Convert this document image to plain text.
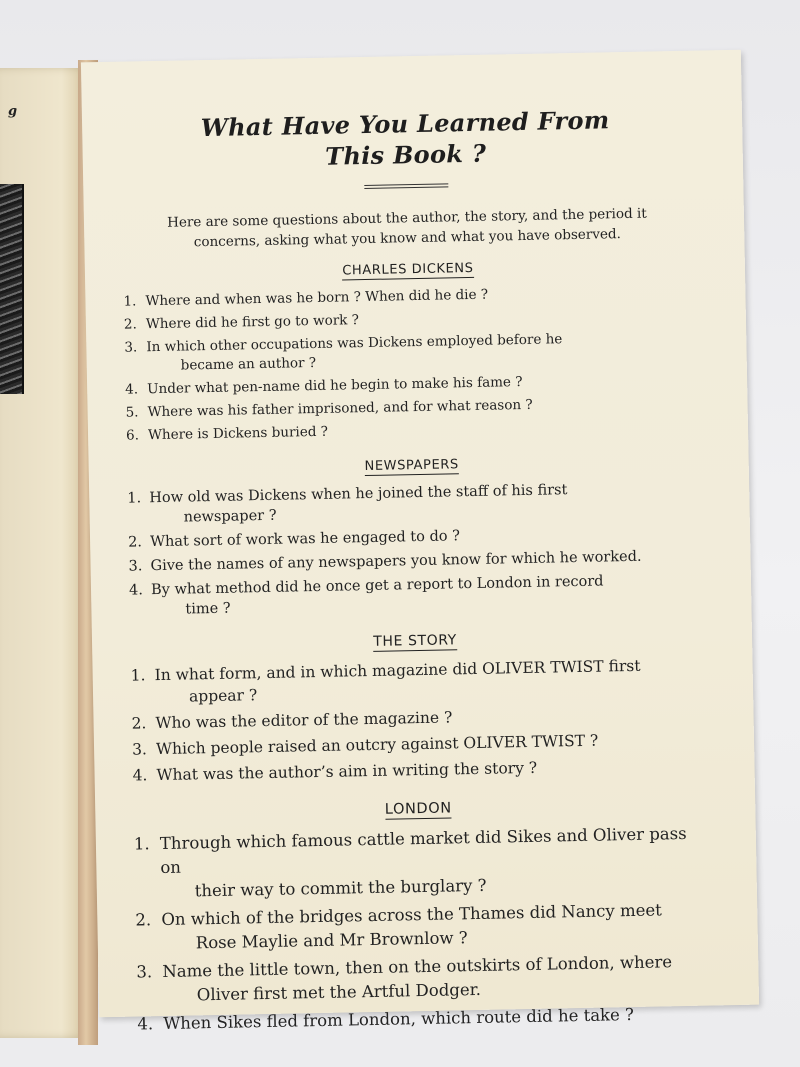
g	What Have You Learned From
This Book ?

Here are some questions about the author, the story, and the period it concerns, asking what you know and what you have observed.

CHARLES DICKENS
1. Where and when was he born ? When did he die ?
2. Where did he first go to work ?
3. In which other occupations was Dickens employed before he
became an author ?
4. Under what pen-name did he begin to make his fame ?
5. Where was his father imprisoned, and for what reason ?
6. Where is Dickens buried ?
NEWSPAPERS
1. How old was Dickens when he joined the staff of his first
newspaper ?
2. What sort of work was he engaged to do ?
3. Give the names of any newspapers you know for which he worked.
4. By what method did he once get a report to London in record
time ?
THE STORY
1. In what form, and in which magazine did OLIVER TWIST first
appear ?
2. Who was the editor of the magazine ?
3. Which people raised an outcry against OLIVER TWIST ?
4. What was the author’s aim in writing the story ?
LONDON
1. Through which famous cattle market did Sikes and Oliver pass on
their way to commit the burglary ?
2. On which of the bridges across the Thames did Nancy meet
Rose Maylie and Mr Brownlow ?
3. Name the little town, then on the outskirts of London, where
Oliver first met the Artful Dodger.
4. When Sikes fled from London, which route did he take ?
